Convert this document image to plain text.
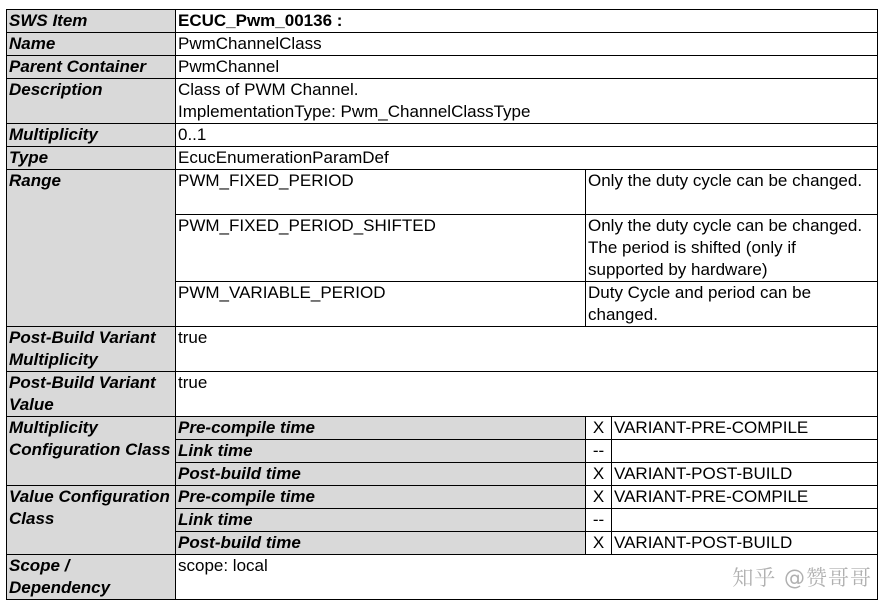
SWS Item	ECUC_Pwm_00136 :		
Name	PwmChannelClass		
Parent Container	PwmChannel		
Description	Class of PWM Channel.
ImplementationType: Pwm_ChannelClassType		

Multiplicity	0..1		
Type	EcucEnumerationParamDef		
Range	PWM_FIXED_PERIOD	Only the duty cycle can be changed.	
	PWM_FIXED_PERIOD_SHIFTED	Only the duty cycle can be changed. The period is shifted (only if supported by hardware)	
	PWM_VARIABLE_PERIOD	Duty Cycle and period can be changed.	
Post-Build Variant Multiplicity	true		
Post-Build Variant Value	true		
Multiplicity Configuration Class	Pre-compile time	X	VARIANT-PRE-COMPILE
	Link time	--	
	Post-build time	X	VARIANT-POST-BUILD
Value Configuration Class	Pre-compile time	X	VARIANT-PRE-COMPILE
	Link time	--	
	Post-build time	X	VARIANT-POST-BUILD
Scope / Dependency	scope: local		
知乎 @赞哥哥
